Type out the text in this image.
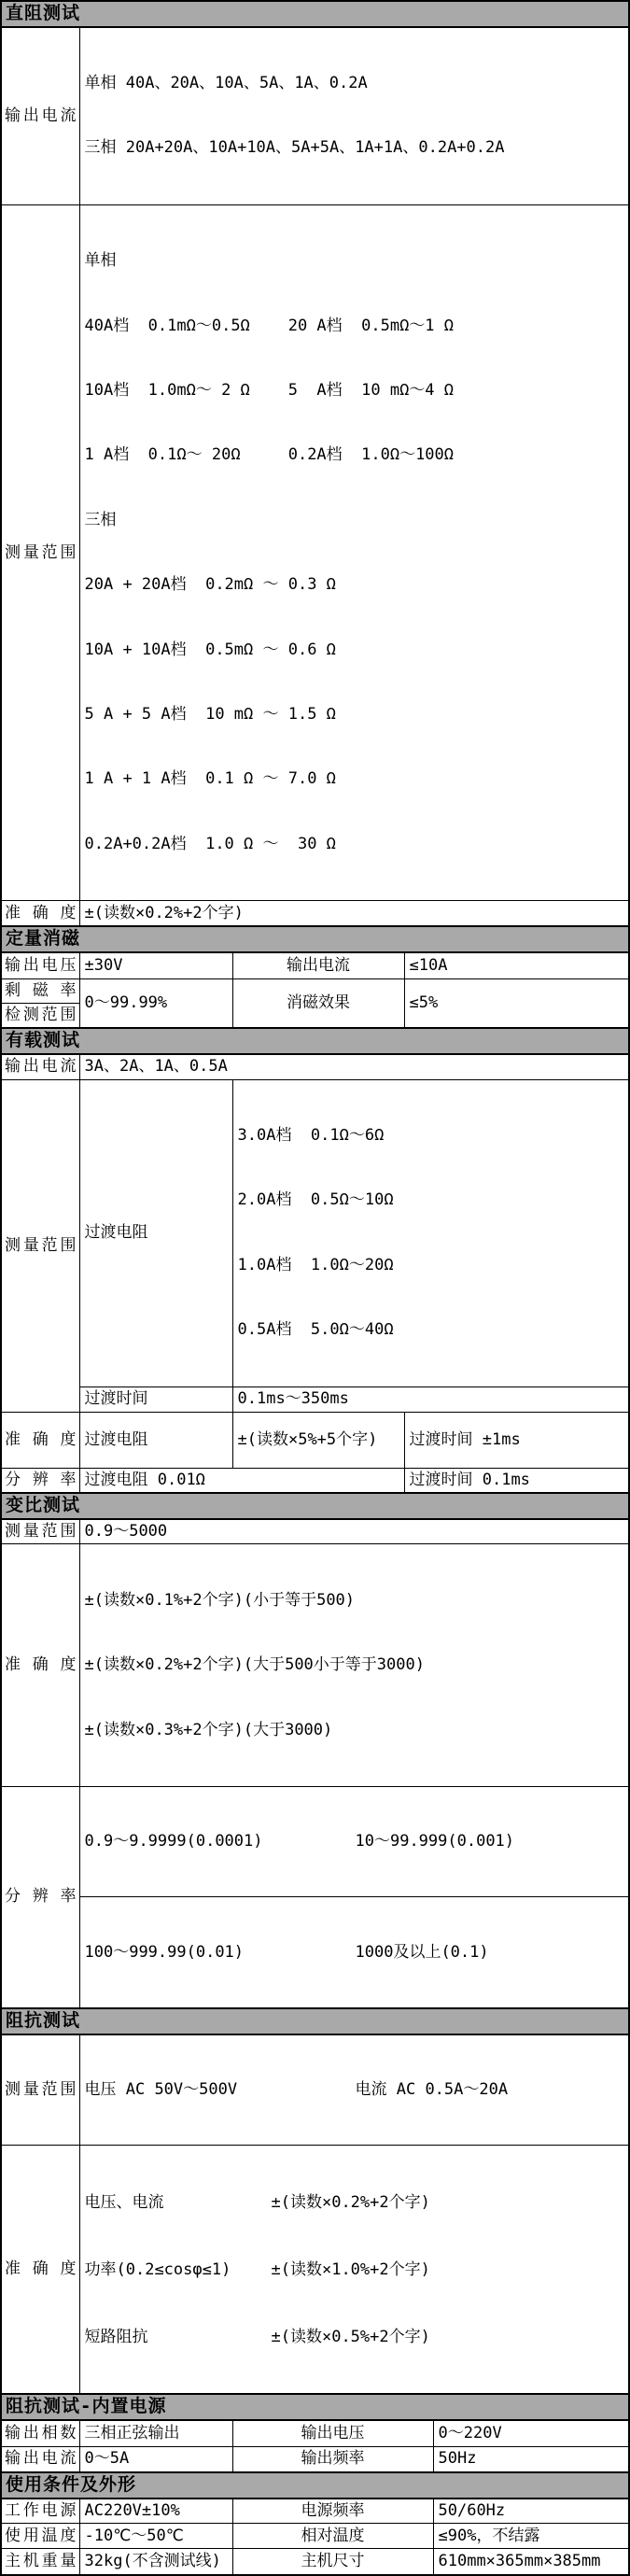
直阻测试				
输出电流	单相 40A、20A、10A、5A、1A、0.2A

三相 20A+20A、10A+10A、5A+5A、1A+1A、0.2A+0.2A			

测量范围	

单相

40A档  0.1mΩ～0.5Ω    20 A档  0.5mΩ～1 Ω

10A档  1.0mΩ～ 2 Ω    5  A档  10 mΩ～4 Ω

1 A档  0.1Ω～ 20Ω     0.2A档  1.0Ω～100Ω

三相

20A + 20A档  0.2mΩ ～ 0.3 Ω

10A + 10A档  0.5mΩ ～ 0.6 Ω

5 A + 5 A档  10 mΩ ～ 1.5 Ω

1 A + 1 A档  0.1 Ω ～ 7.0 Ω

0.2A+0.2A档  1.0 Ω ～  30 Ω

准 确 度	±(读数×0.2%+2个字)			
定量消磁				
输出电压	±30V	输出电流	≤10A	
剩 磁 率	0～99.99%	消磁效果	≤5%	
检测范围				
有载测试				
输出电流	3A、2A、1A、0.5A			
测量范围	过渡电阻	3.0A档  0.1Ω～6Ω

2.0A档  0.5Ω～10Ω

1.0A档  1.0Ω～20Ω

0.5A档  5.0Ω～40Ω		

	过渡时间	0.1ms～350ms		
准 确 度	过渡电阻	±(读数×5%+5个字)	过渡时间 ±1ms	
分 辨 率	过渡电阻 0.01Ω		过渡时间 0.1ms	
变比测试				
测量范围	0.9～5000			
准 确 度	±(读数×0.1%+2个字)(小于等于500)

±(读数×0.2%+2个字)(大于500小于等于3000)

±(读数×0.3%+2个字)(大于3000)			

分 辨 率	0.9～9.9999(0.0001) 10～99.999(0.001)			

	100～999.99(0.01) 1000及以上(0.1)			

阻抗测试				
测量范围	电压 AC 50V～500V 电流 AC 0.5A～20A			

准 确 度	

电压、电流	±(读数×0.2%+2个字)

功率(0.2≤cosφ≤1)	±(读数×1.0%+2个字)

短路阻抗	±(读数×0.5%+2个字)

阻抗测试-内置电源				
输出相数	三相正弦输出	输出电压		0～220V
输出电流	0～5A	输出频率		50Hz
使用条件及外形				
工作电源	AC220V±10%	电源频率		50/60Hz
使用温度	-10℃～50℃	相对温度		≤90%，不结露
主机重量	32kg(不含测试线)	主机尺寸		610mm×365mm×385mm
